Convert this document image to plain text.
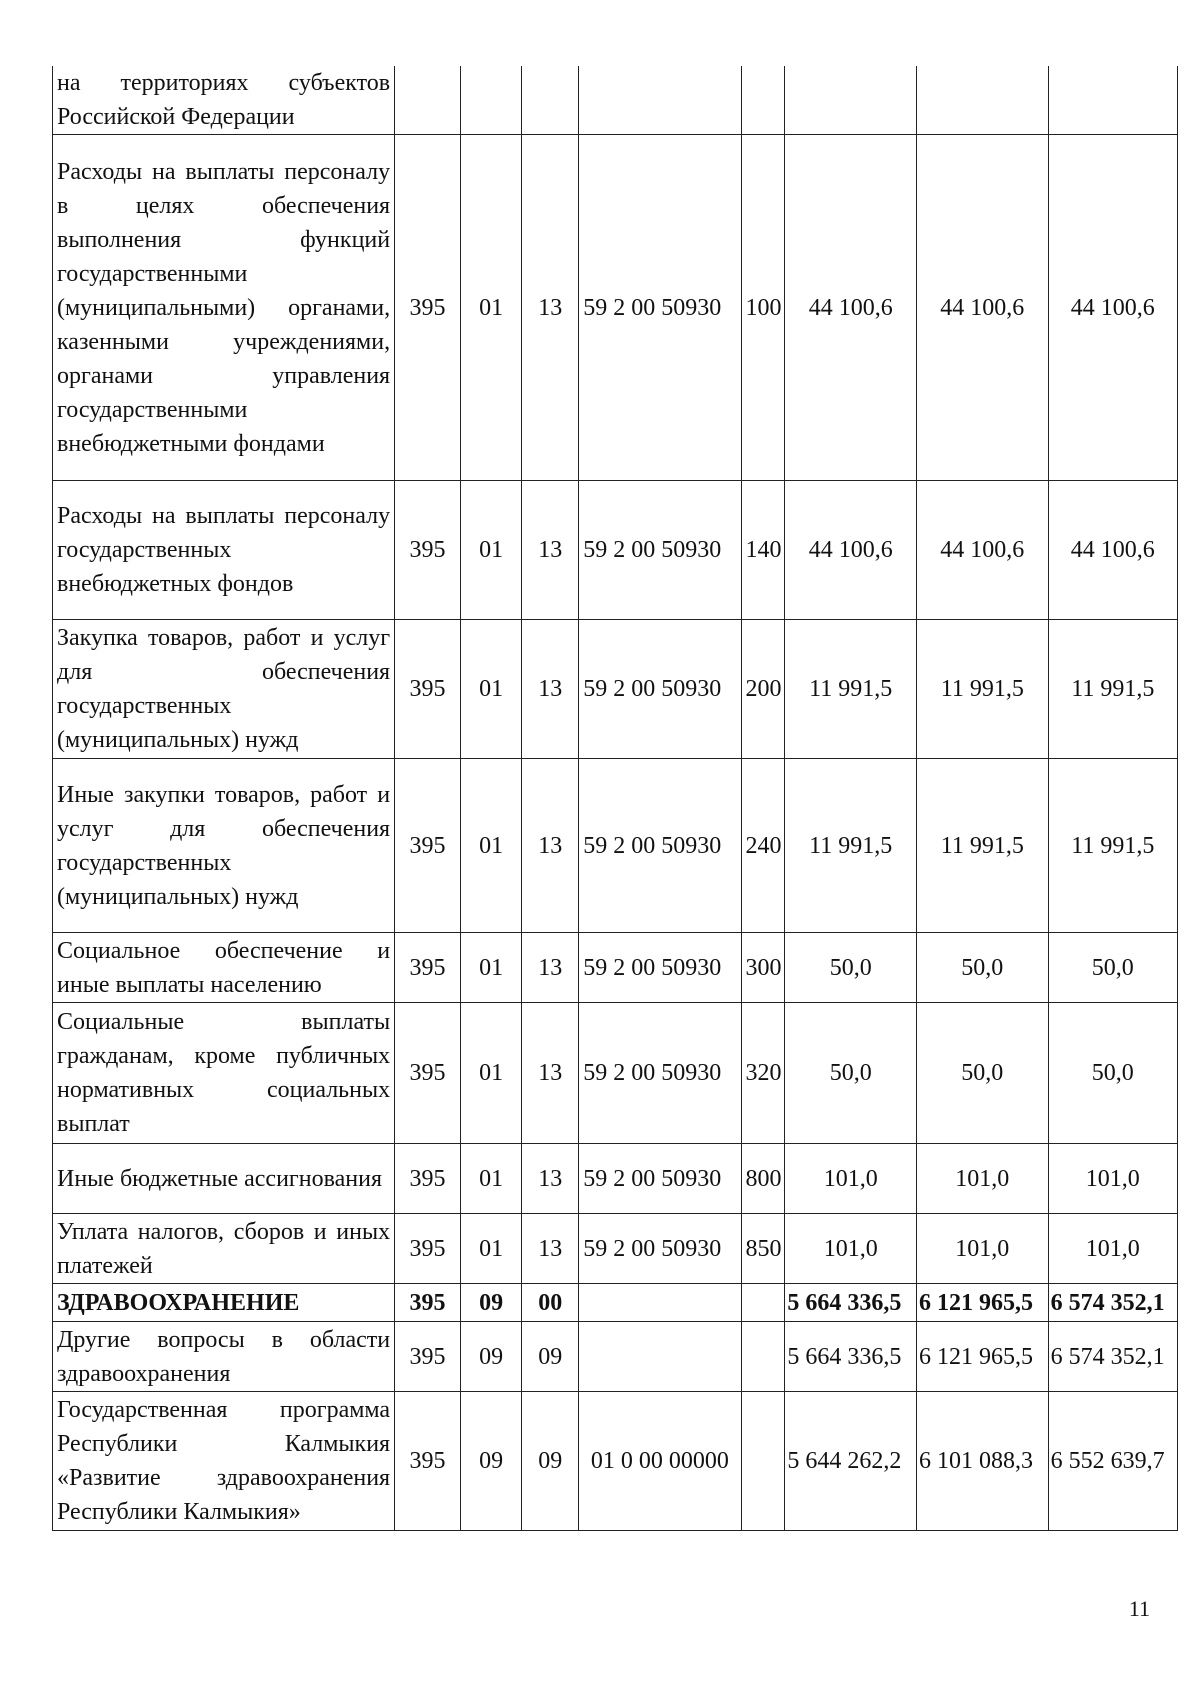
на территориях субъектов Российской Федерации								
Расходы на выплаты персоналу в целях обеспечения выполнения функций государственными (муниципальными) органами, казенными учреждениями, органами управления государственными внебюджетными фондами	395	01	13	59 2 00 50930	100	44 100,6	44 100,6	44 100,6
Расходы на выплаты персоналу государственных внебюджетных фондов	395	01	13	59 2 00 50930	140	44 100,6	44 100,6	44 100,6
Закупка товаров, работ и услуг для обеспечения государственных (муниципальных) нужд	395	01	13	59 2 00 50930	200	11 991,5	11 991,5	11 991,5
Иные закупки товаров, работ и услуг для обеспечения государственных (муниципальных) нужд	395	01	13	59 2 00 50930	240	11 991,5	11 991,5	11 991,5
Социальное обеспечение и иные выплаты населению	395	01	13	59 2 00 50930	300	50,0	50,0	50,0
Социальные выплаты гражданам, кроме публичных нормативных социальных выплат	395	01	13	59 2 00 50930	320	50,0	50,0	50,0
Иные бюджетные ассигнования	395	01	13	59 2 00 50930	800	101,0	101,0	101,0
Уплата налогов, сборов и иных платежей	395	01	13	59 2 00 50930	850	101,0	101,0	101,0
ЗДРАВООХРАНЕНИЕ	395	09	00			5 664 336,5	6 121 965,5	6 574 352,1
Другие вопросы в области здравоохранения	395	09	09			5 664 336,5	6 121 965,5	6 574 352,1
Государственная программа Республики Калмыкия «Развитие здравоохранения Республики Калмыкия»	395	09	09	01 0 00 00000		5 644 262,2	6 101 088,3	6 552 639,7
11
